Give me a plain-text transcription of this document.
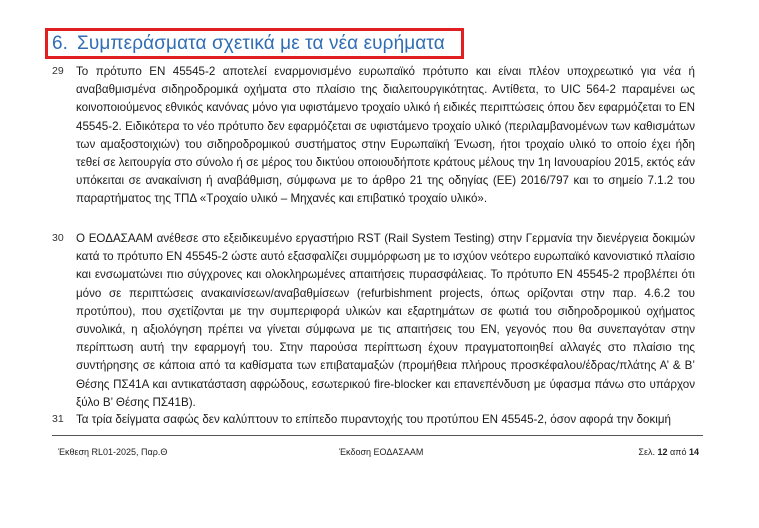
6. Συμπεράσματα σχετικά με τα νέα ευρήματα
29 Το πρότυπο EN 45545-2 αποτελεί εναρμονισμένο ευρωπαϊκό πρότυπο και είναι πλέον υποχρεωτικό για νέα ή αναβαθμισμένα σιδηροδρομικά οχήματα στο πλαίσιο της διαλειτουργικότητας. Αντίθετα, το UIC 564-2 παραμένει ως κοινοποιούμενος εθνικός κανόνας μόνο για υφιστάμενο τροχαίο υλικό ή ειδικές περιπτώσεις όπου δεν εφαρμόζεται το EN 45545-2. Ειδικότερα το νέο πρότυπο δεν εφαρμόζεται σε υφιστάμενο τροχαίο υλικό (περιλαμβανομένων των καθισμάτων των αμαξοστοιχιών) του σιδηροδρομικού συστήματος στην Ευρωπαϊκή Ένωση, ήτοι τροχαίο υλικό το οποίο έχει ήδη τεθεί σε λειτουργία στο σύνολο ή σε μέρος του δικτύου οποιουδήποτε κράτους μέλους την 1η Ιανουαρίου 2015, εκτός εάν υπόκειται σε ανακαίνιση ή αναβάθμιση, σύμφωνα με το άρθρο 21 της οδηγίας (ΕΕ) 2016/797 και το σημείο 7.1.2 του παραρτήματος της ΤΠΔ «Τροχαίο υλικό – Μηχανές και επιβατικό τροχαίο υλικό».
30 Ο ΕΟΔΑΣΑΑΜ ανέθεσε στο εξειδικευμένο εργαστήριο RST (Rail System Testing) στην Γερμανία την διενέργεια δοκιμών κατά το πρότυπο EN 45545-2 ώστε αυτό εξασφαλίζει συμμόρφωση με το ισχύον νεότερο ευρωπαϊκό κανονιστικό πλαίσιο και ενσωματώνει πιο σύγχρονες και ολοκληρωμένες απαιτήσεις πυρασφάλειας. Το πρότυπο EN 45545-2 προβλέπει ότι μόνο σε περιπτώσεις ανακαινίσεων/αναβαθμίσεων (refurbishment projects, όπως ορίζονται στην παρ. 4.6.2 του προτύπου), που σχετίζονται με την συμπεριφορά υλικών και εξαρτημάτων σε φωτιά του σιδηροδρομικού οχήματος συνολικά, η αξιολόγηση πρέπει να γίνεται σύμφωνα με τις απαιτήσεις του EN, γεγονός που θα συνεπαγόταν στην περίπτωση αυτή την εφαρμογή του. Στην παρούσα περίπτωση έχουν πραγματοποιηθεί αλλαγές στο πλαίσιο της συντήρησης σε κάποια από τα καθίσματα των επιβαταμαξών (προμήθεια πλήρους προσκέφαλου/έδρας/πλάτης Α’ & Β’ Θέσης ΠΣ41Α και αντικατάσταση αφρώδους, εσωτερικού fire-blocker και επανεπένδυση με ύφασμα πάνω στο υπάρχον ξύλο Β’ Θέσης ΠΣ41Β).
31 Τα τρία δείγματα σαφώς δεν καλύπτουν το επίπεδο πυραντοχής του προτύπου EN 45545-2, όσον αφορά την δοκιμή
Έκθεση RL01-2025, Παρ.Θ	Έκδοση ΕΟΔΑΣΑΑΜ	Σελ. 12 από 14
